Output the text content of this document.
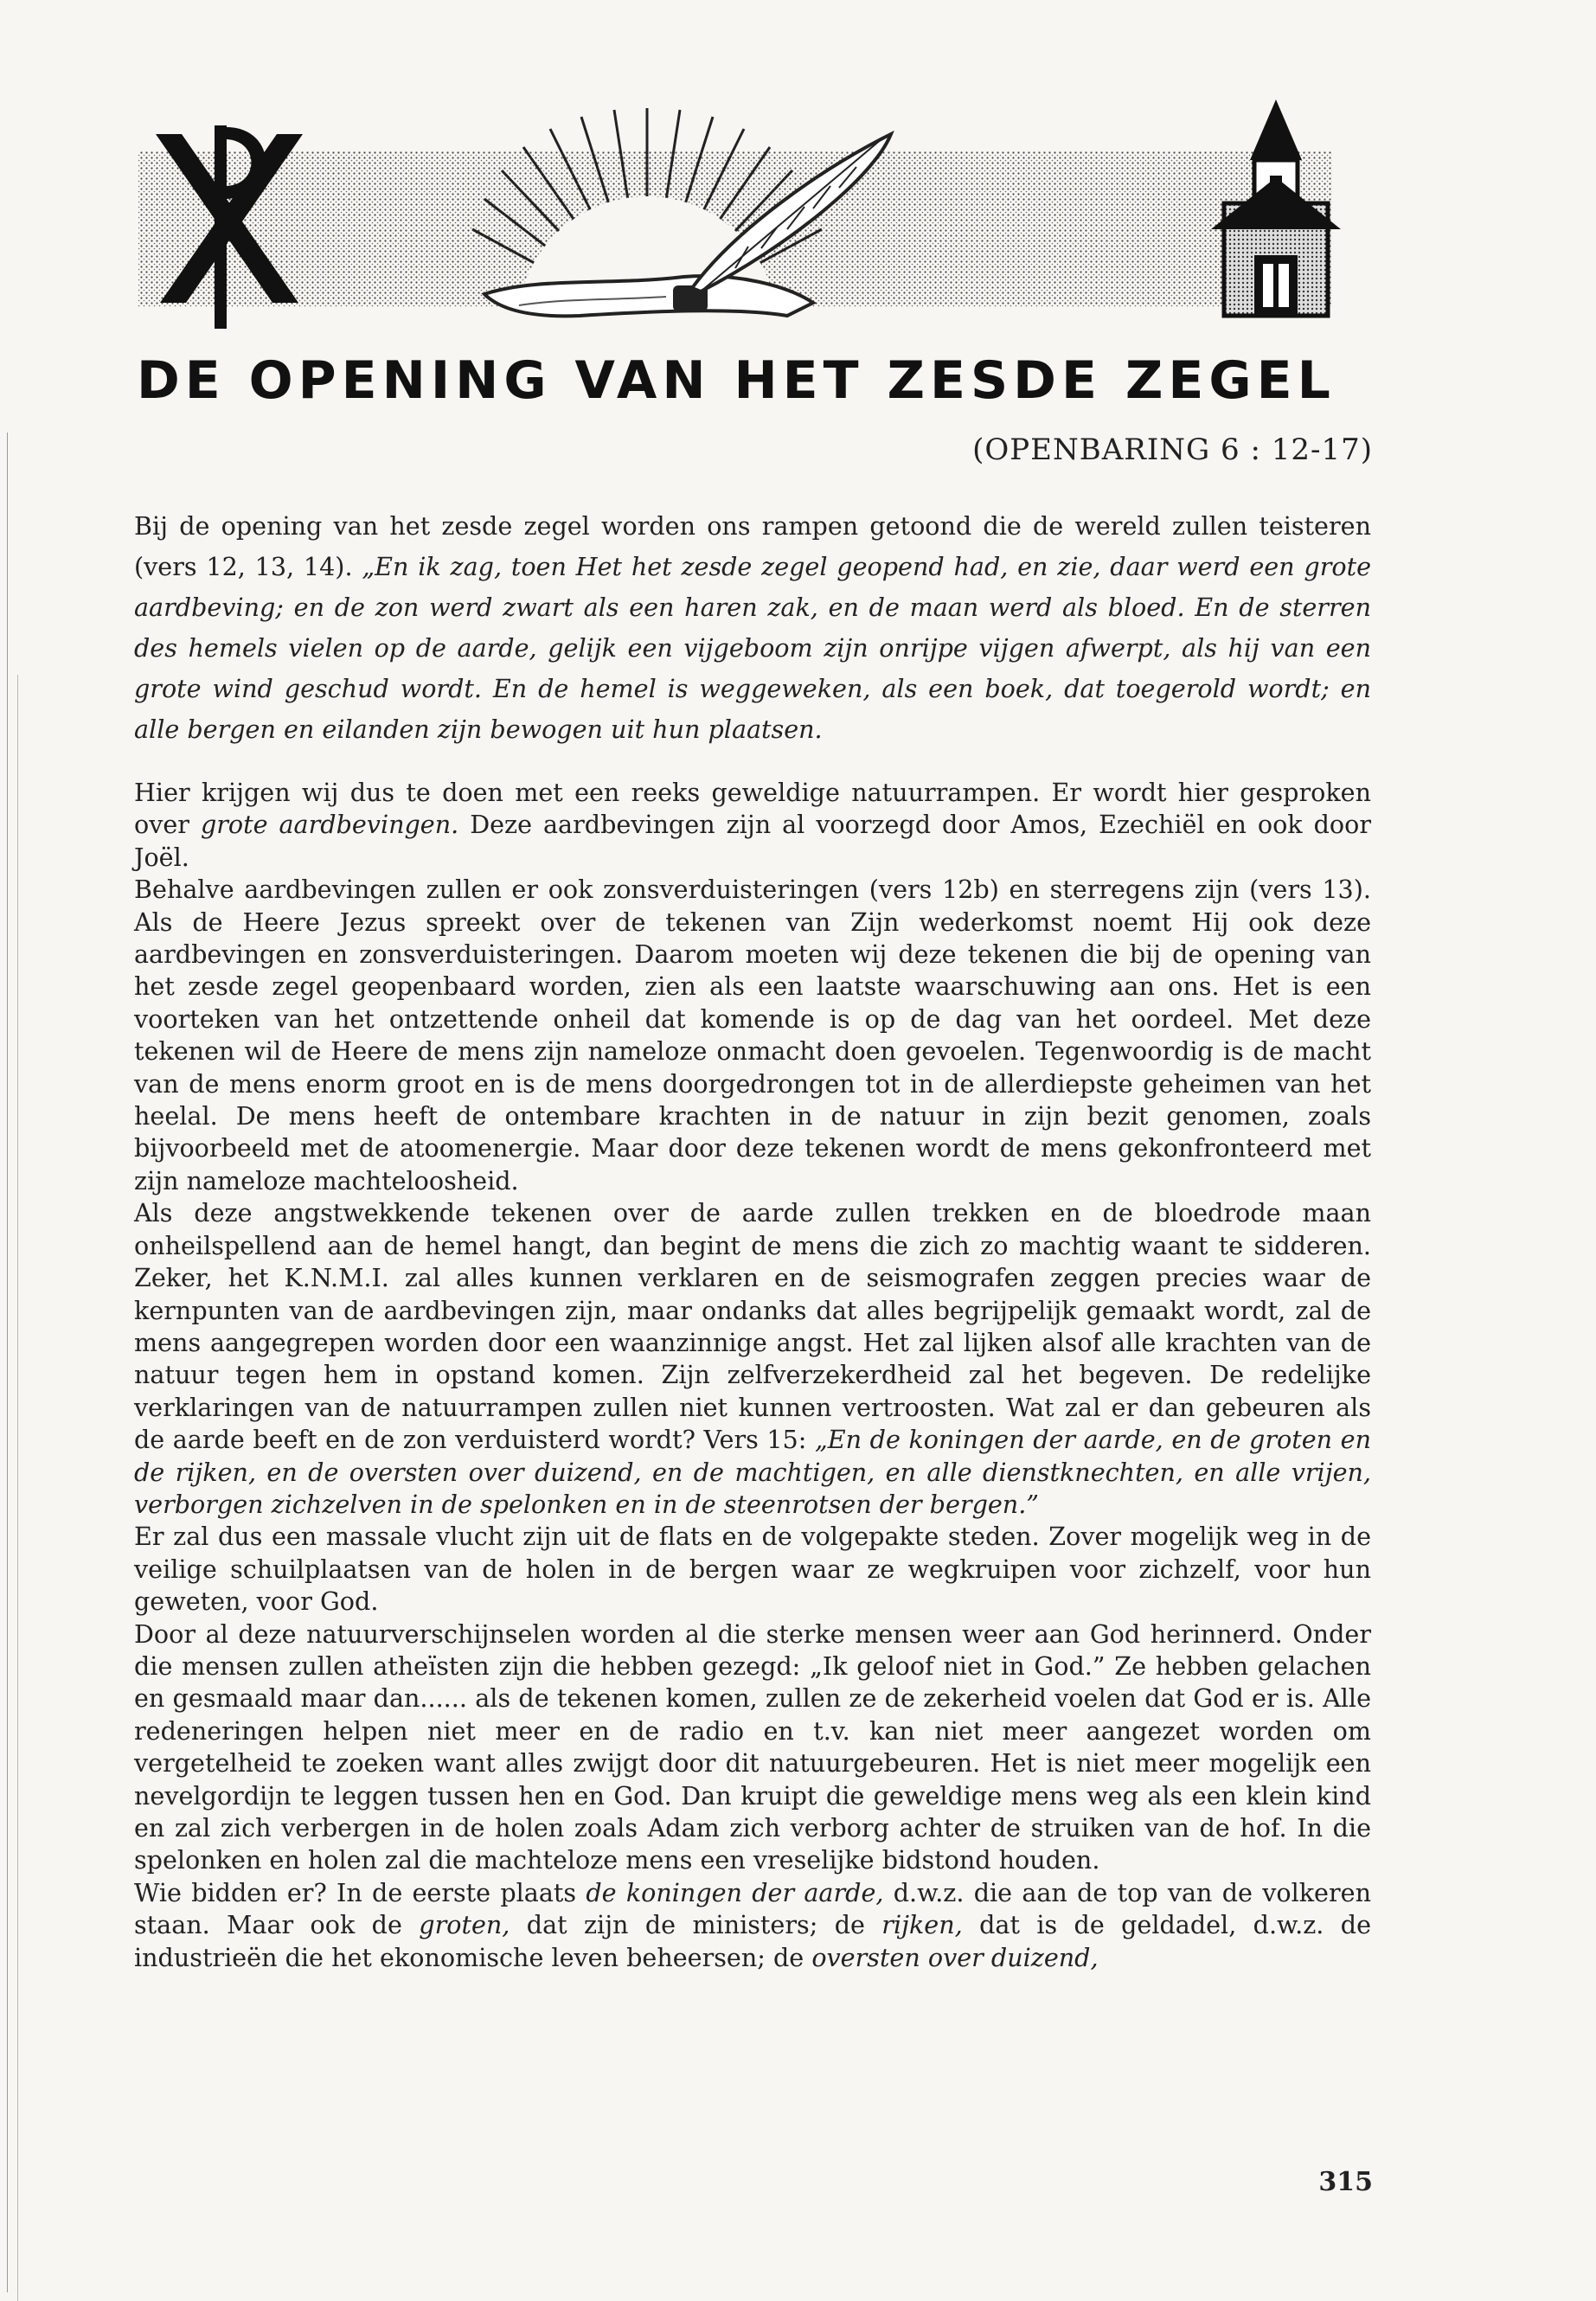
DE OPENING VAN HET ZESDE ZEGEL
(OPENBARING 6 : 12-17)

Bij de opening van het zesde zegel worden ons rampen getoond die de wereld zullen teisteren (vers 12, 13, 14). „En ik zag, toen Het het zesde zegel geopend had, en zie, daar werd een grote aardbeving; en de zon werd zwart als een haren zak, en de maan werd als bloed. En de sterren des hemels vielen op de aarde, gelijk een vijgeboom zijn onrijpe vijgen afwerpt, als hij van een grote wind geschud wordt. En de hemel is weggeweken, als een boek, dat toegerold wordt; en alle bergen en eilanden zijn bewogen uit hun plaatsen.

Hier krijgen wij dus te doen met een reeks geweldige natuurrampen. Er wordt hier gesproken over grote aardbevingen. Deze aardbevingen zijn al voorzegd door Amos, Ezechiël en ook door Joël.

Behalve aardbevingen zullen er ook zonsverduisteringen (vers 12b) en sterregens zijn (vers 13). Als de Heere Jezus spreekt over de tekenen van Zijn wederkomst noemt Hij ook deze aardbevingen en zonsverduisteringen. Daarom moeten wij deze tekenen die bij de opening van het zesde zegel geopenbaard worden, zien als een laatste waarschuwing aan ons. Het is een voorteken van het ontzettende onheil dat komende is op de dag van het oordeel. Met deze tekenen wil de Heere de mens zijn nameloze onmacht doen gevoelen. Tegenwoordig is de macht van de mens enorm groot en is de mens doorgedrongen tot in de allerdiepste geheimen van het heelal. De mens heeft de ontembare krachten in de natuur in zijn bezit genomen, zoals bijvoorbeeld met de atoomenergie. Maar door deze tekenen wordt de mens gekonfronteerd met zijn nameloze machteloosheid.

Als deze angstwekkende tekenen over de aarde zullen trekken en de bloedrode maan onheilspellend aan de hemel hangt, dan begint de mens die zich zo machtig waant te sidderen. Zeker, het K.N.M.I. zal alles kunnen verklaren en de seismografen zeggen precies waar de kernpunten van de aardbevingen zijn, maar ondanks dat alles begrijpelijk gemaakt wordt, zal de mens aangegrepen worden door een waanzinnige angst. Het zal lijken alsof alle krachten van de natuur tegen hem in opstand komen. Zijn zelfverzekerdheid zal het begeven. De redelijke verklaringen van de natuurrampen zullen niet kunnen vertroosten. Wat zal er dan gebeuren als de aarde beeft en de zon verduisterd wordt? Vers 15: „En de koningen der aarde, en de groten en de rijken, en de oversten over duizend, en de machtigen, en alle dienstknechten, en alle vrijen, verborgen zichzelven in de spelonken en in de steenrotsen der bergen.”

Er zal dus een massale vlucht zijn uit de flats en de volgepakte steden. Zover mogelijk weg in de veilige schuilplaatsen van de holen in de bergen waar ze wegkruipen voor zichzelf, voor hun geweten, voor God.

Door al deze natuurverschijnselen worden al die sterke mensen weer aan God herinnerd. Onder die mensen zullen atheïsten zijn die hebben gezegd: „Ik geloof niet in God.” Ze hebben gelachen en gesmaald maar dan...... als de tekenen komen, zullen ze de zekerheid voelen dat God er is. Alle redeneringen helpen niet meer en de radio en t.v. kan niet meer aangezet worden om vergetelheid te zoeken want alles zwijgt door dit natuurgebeuren. Het is niet meer mogelijk een nevelgordijn te leggen tussen hen en God. Dan kruipt die geweldige mens weg als een klein kind en zal zich verbergen in de holen zoals Adam zich verborg achter de struiken van de hof. In die spelonken en holen zal die machteloze mens een vreselijke bidstond houden.

Wie bidden er? In de eerste plaats de koningen der aarde, d.w.z. die aan de top van de volkeren staan. Maar ook de groten, dat zijn de ministers; de rijken, dat is de geldadel, d.w.z. de industrieën die het ekonomische leven beheersen; de oversten over duizend,

315
